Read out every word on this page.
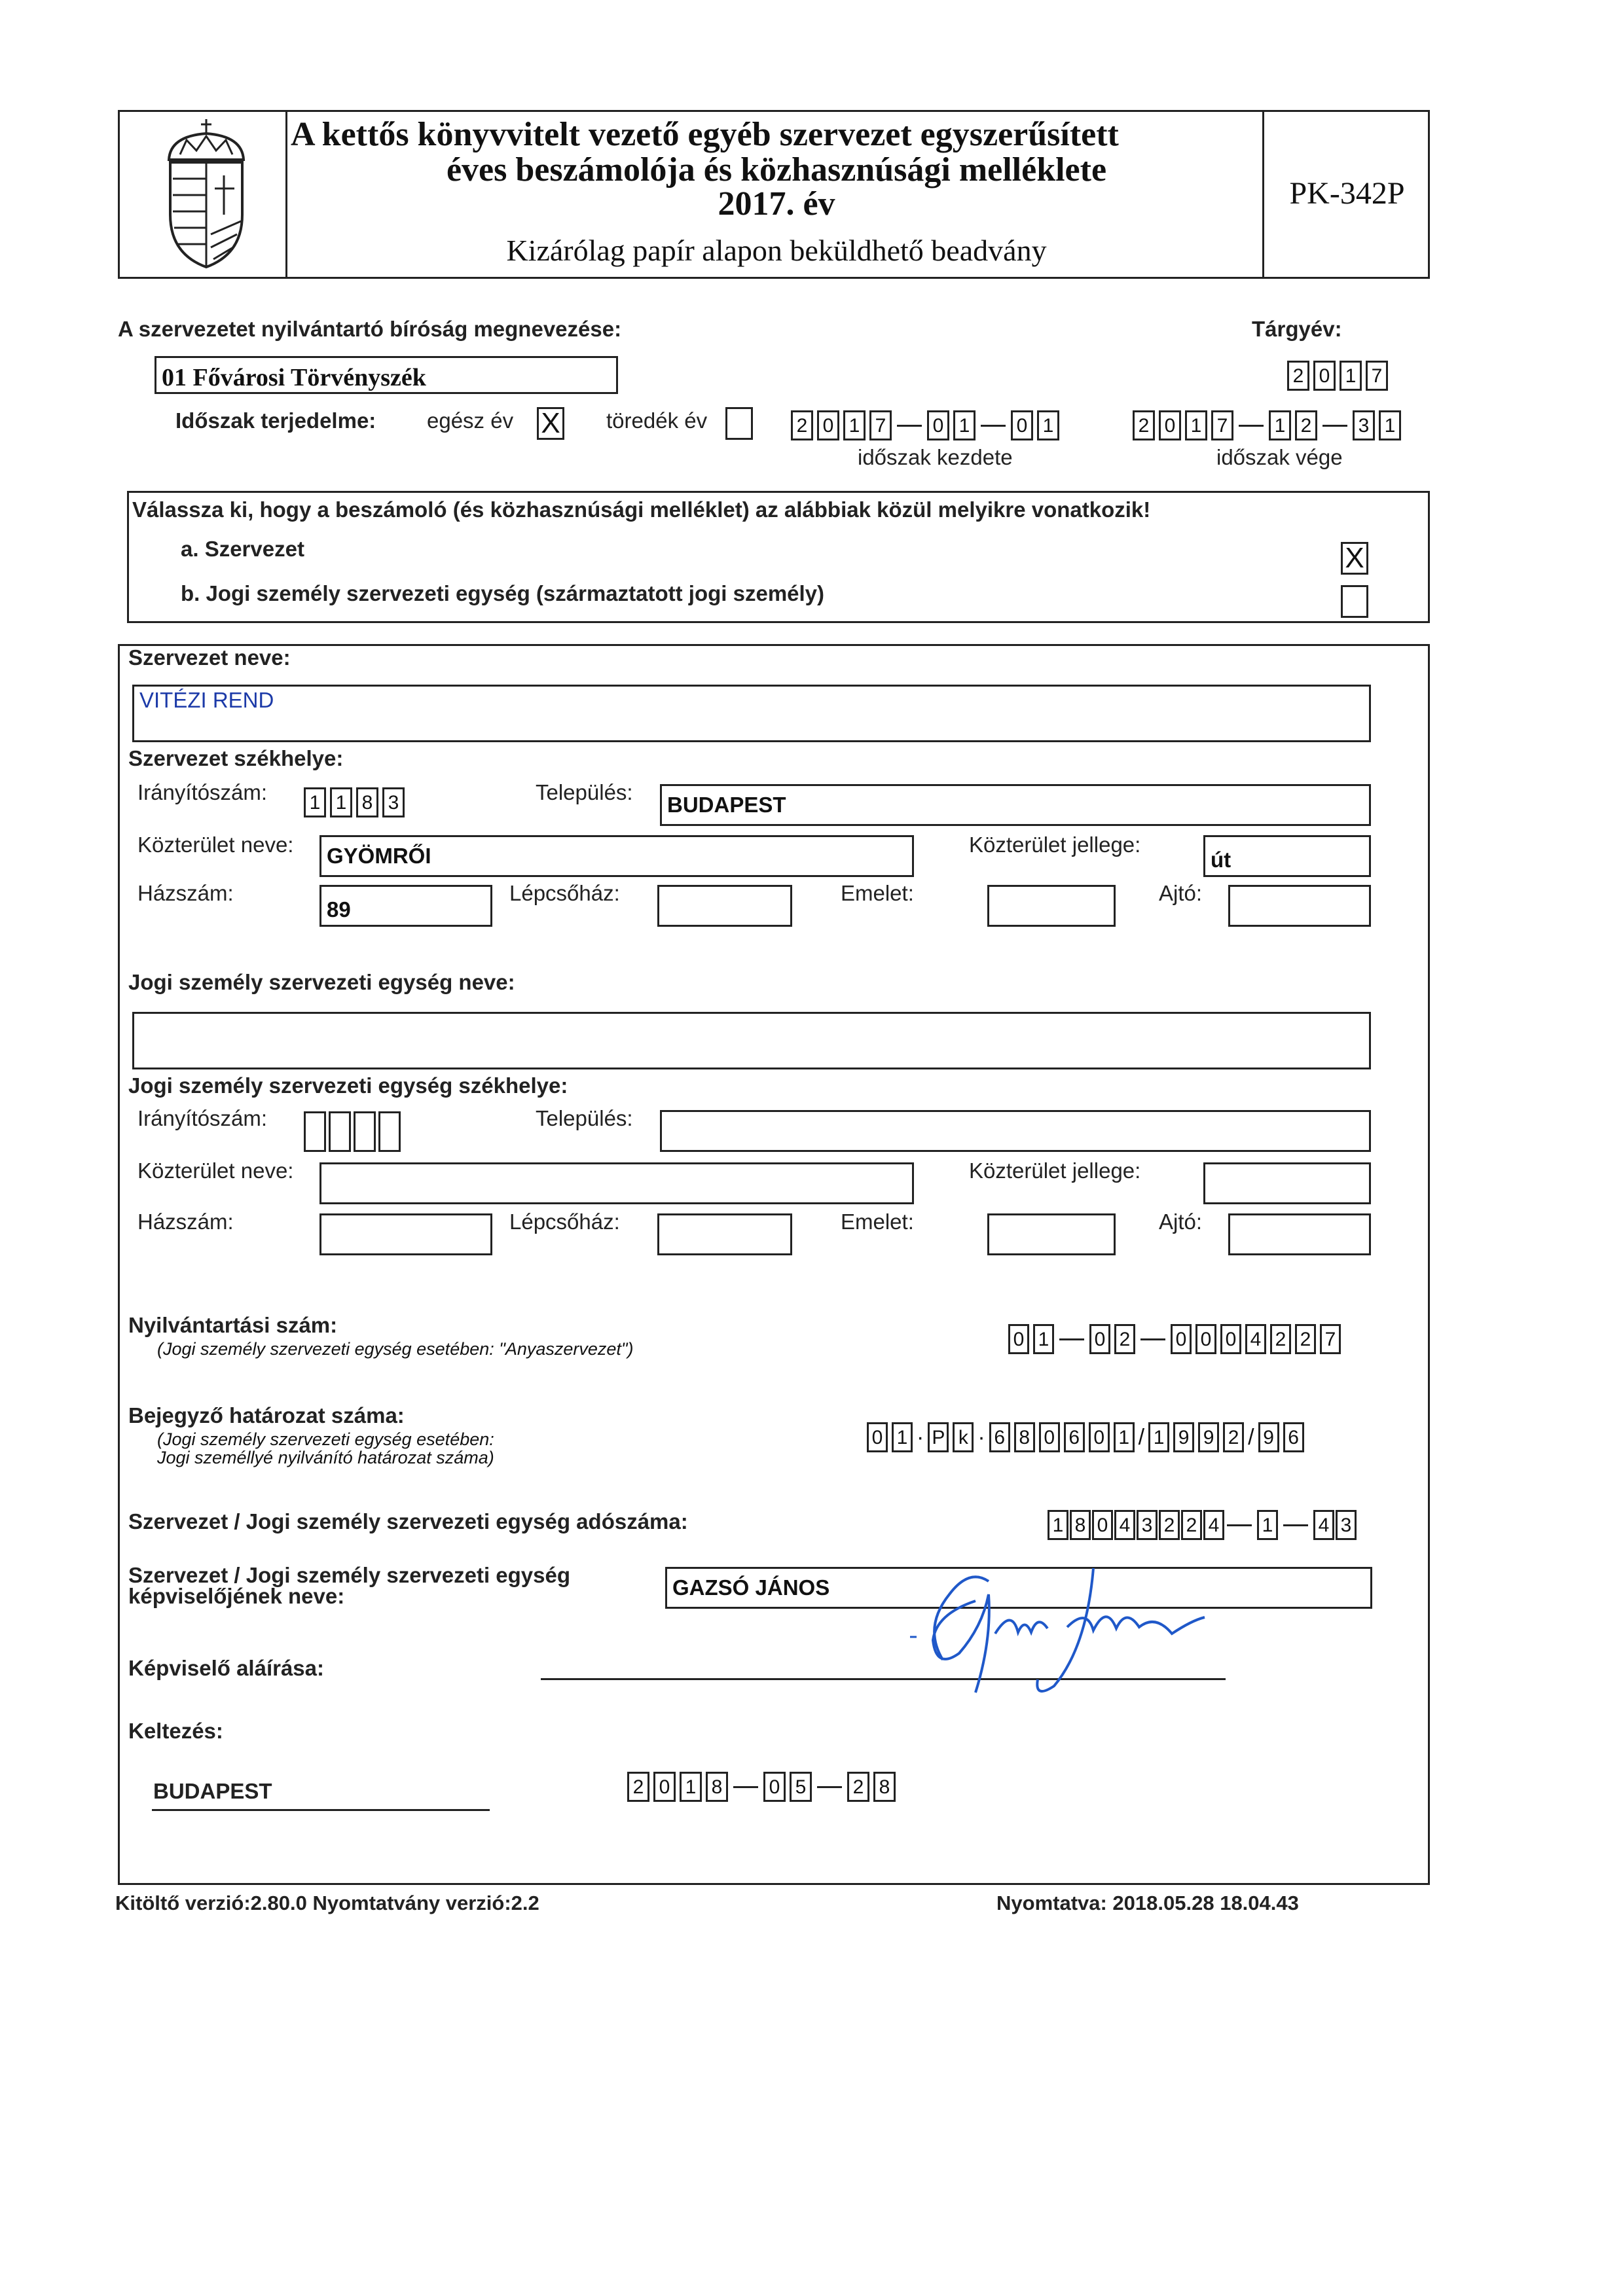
A kettős könyvvitelt vezető egyéb szervezet egyszerűsített
éves beszámolója és közhasznúsági melléklete
2017. év
Kizárólag papír alapon beküldhető beadvány
PK-342P
A szervezetet nyilvántartó bíróság megnevezése:	Tárgyév:
01 Fővárosi Törvényszék	2 0 1 7
Időszak terjedelme: egész év X töredék év	2 0 1 7 0 1 0 1
időszak kezdete
2 0 1 7 1 2 3 1
időszak vége
Válassza ki, hogy a beszámoló (és közhasznúsági melléklet) az alábbiak közül melyikre vonatkozik!
a. Szervezet	X
b. Jogi személy szervezeti egység (származtatott jogi személy)
Szervezet neve:
VITÉZI REND
Szervezet székhelye:
Irányítószám: 1 1 8 3	Település:
BUDAPEST
Közterület neve:	GYÖMRŐI	Közterület jellege:
út
Házszám:
89
Lépcsőház:	Emelet:	Ajtó:
Jogi személy szervezeti egység neve:
Jogi személy szervezeti egység székhelye:
Irányítószám:	Település:
Közterület neve:	Közterület jellege:
Házszám:	Lépcsőház:	Emelet:	Ajtó:
Nyilvántartási szám:
(Jogi személy szervezeti egység esetében: "Anyaszervezet")	0 1 0 2 0 0 0 4 2 2 7
Bejegyző határozat száma:
(Jogi személy szervezeti egység esetében:
Jogi személlyé nyilvánító határozat száma)
0 1 · P k · 6 8 0 6 0 1 / 1 9 9 2 / 9 6
Szervezet / Jogi személy szervezeti egység adószáma:	1 8 0 4 3 2 2 4 1 4 3
Szervezet / Jogi személy szervezeti egység
képviselőjének neve:	GAZSÓ JÁNOS
Képviselő aláírása:
Gazsó János
Keltezés:
BUDAPEST	2 0 1 8 0 5 2 8
Kitöltő verzió:2.80.0 Nyomtatvány verzió:2.2	Nyomtatva: 2018.05.28 18.04.43
